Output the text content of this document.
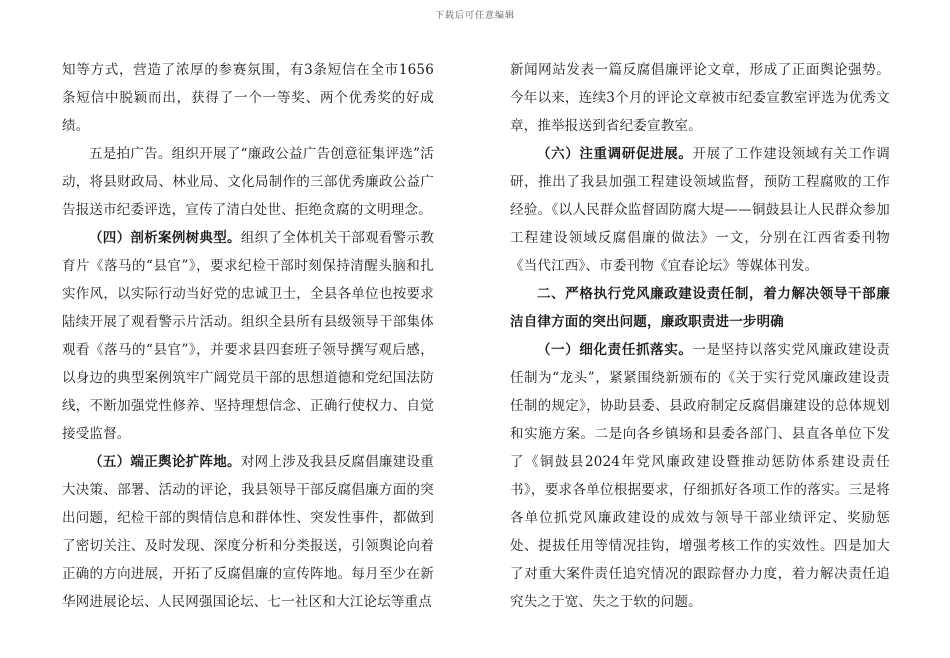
下载后可任意编辑

知等方式，营造了浓厚的参赛氛围，有3条短信在全市1656条短信中脱颖而出，获得了一个一等奖、两个优秀奖的好成绩。

五是拍广告。组织开展了“廉政公益广告创意征集评选”活动，将县财政局、林业局、文化局制作的三部优秀廉政公益广告报送市纪委评选，宣传了清白处世、拒绝贪腐的文明理念。

（四）剖析案例树典型。组织了全体机关干部观看警示教育片《落马的“县官”》，要求纪检干部时刻保持清醒头脑和扎实作风，以实际行动当好党的忠诚卫士，全县各单位也按要求陆续开展了观看警示片活动。组织全县所有县级领导干部集体观看《落马的“县官”》，并要求县四套班子领导撰写观后感，以身边的典型案例筑牢广阔党员干部的思想道德和党纪国法防线，不断加强党性修养、坚持理想信念、正确行使权力、自觉接受监督。

（五）端正舆论扩阵地。对网上涉及我县反腐倡廉建设重大决策、部署、活动的评论，我县领导干部反腐倡廉方面的突出问题，纪检干部的舆情信息和群体性、突发性事件，都做到了密切关注、及时发现、深度分析和分类报送，引领舆论向着正确的方向进展，开拓了反腐倡廉的宣传阵地。每月至少在新华网进展论坛、人民网强国论坛、七一社区和大江论坛等重点

新闻网站发表一篇反腐倡廉评论文章，形成了正面舆论强势。今年以来，连续3个月的评论文章被市纪委宣教室评选为优秀文章，推举报送到省纪委宣教室。

（六）注重调研促进展。开展了工作建设领域有关工作调研，推出了我县加强工程建设领域监督，预防工程腐败的工作经验。《以人民群众监督固防腐大堤——铜鼓县让人民群众参加工程建设领域反腐倡廉的做法》一文，分别在江西省委刊物《当代江西》、市委刊物《宜春论坛》等媒体刊发。

二、严格执行党风廉政建设责任制，着力解决领导干部廉洁自律方面的突出问题，廉政职责进一步明确

（一）细化责任抓落实。一是坚持以落实党风廉政建设责任制为“龙头”，紧紧围绕新颁布的《关于实行党风廉政建设责任制的规定》，协助县委、县政府制定反腐倡廉建设的总体规划和实施方案。二是向各乡镇场和县委各部门、县直各单位下发了《铜鼓县2024年党风廉政建设暨推动惩防体系建设责任书》，要求各单位根据要求，仔细抓好各项工作的落实。三是将各单位抓党风廉政建设的成效与领导干部业绩评定、奖励惩处、提拔任用等情况挂钩，增强考核工作的实效性。四是加大了对重大案件责任追究情况的跟踪督办力度，着力解决责任追究失之于宽、失之于软的问题。
